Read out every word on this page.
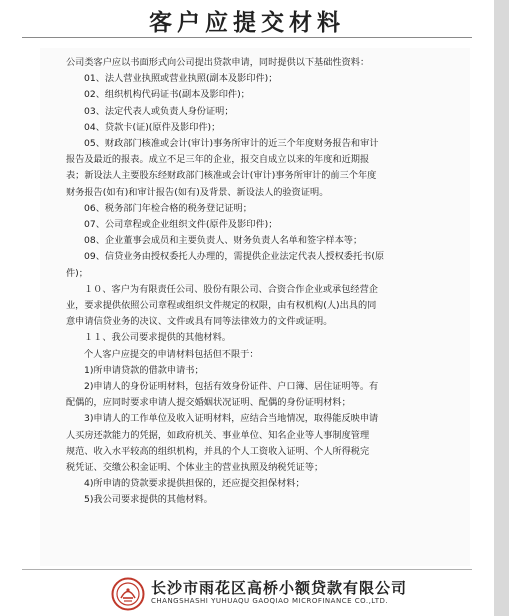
客户应提交材料
公司类客户应以书面形式向公司提出贷款申请，同时提供以下基础性资料：
01、法人营业执照或营业执照(副本及影印件)；
02、组织机构代码证书(副本及影印件)；
03、法定代表人或负责人身份证明；
04、贷款卡(证)(原件及影印件)；
05、财政部门核准或会计(审计)事务所审计的近三个年度财务报告和审计
报告及最近的报表。成立不足三年的企业，报交自成立以来的年度和近期报
表；新设法人主要股东经财政部门核准或会计(审计)事务所审计的前三个年度
财务报告(如有)和审计报告(如有)及背景、新设法人的验资证明。
06、税务部门年检合格的税务登记证明；
07、公司章程或企业组织文件(原件及影印件)；
08、企业董事会成员和主要负责人、财务负责人名单和签字样本等；
09、信贷业务由授权委托人办理的，需提供企业法定代表人授权委托书(原
件)；
１０、客户为有限责任公司、股份有限公司、合资合作企业或承包经营企
业，要求提供依照公司章程或组织文件规定的权限，由有权机构(人)出具的同
意申请信贷业务的决议、文件或具有同等法律效力的文件或证明。
１１、我公司要求提供的其他材料。
个人客户应提交的申请材料包括但不限于：
1)所申请贷款的借款申请书；
2)申请人的身份证明材料，包括有效身份证件、户口簿、居住证明等。有
配偶的，应同时要求申请人提交婚姻状况证明、配偶的身份证明材料；
3)申请人的工作单位及收入证明材料，应结合当地情况，取得能反映申请
人买房还款能力的凭据，如政府机关、事业单位、知名企业等人事制度管理
规范、收入水平较高的组织机构，并具的个人工资收入证明、个人所得税完
税凭证、交缴公积金证明、个体业主的营业执照及纳税凭证等；
4)所申请的贷款要求提供担保的，还应提交担保材料；
5)我公司要求提供的其他材料。
长沙市雨花区高桥小额贷款有限公司
CHANGSHASHI YUHUAQU GAOQIAO MICROFINANCE CO.,LTD.
